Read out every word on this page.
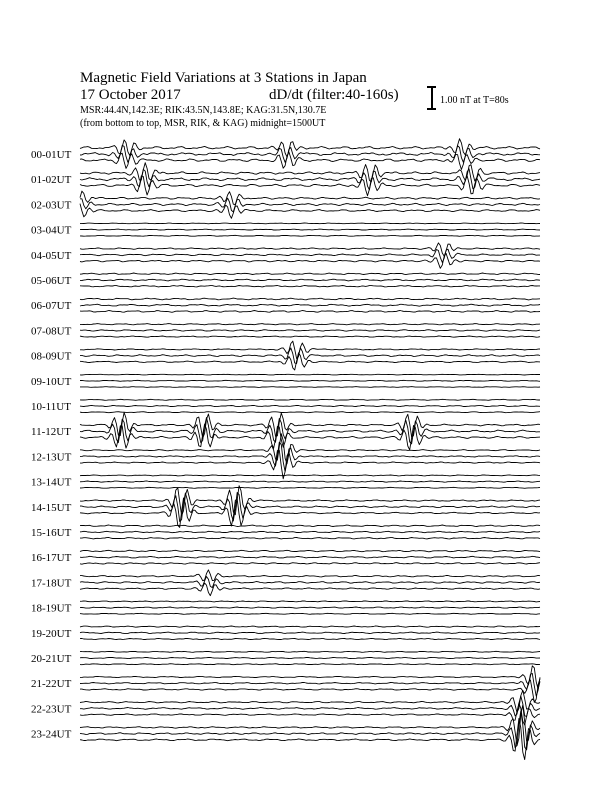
Magnetic Field Variations at 3 Stations in Japan
17 October 2017	dD/dt (filter:40-160s)
MSR:44.4N,142.3E; RIK:43.5N,143.8E; KAG:31.5N,130.7E
(from bottom to top, MSR, RIK, & KAG) midnight=1500UT
1.00 nT at T=80s
00-01UT
01-02UT
02-03UT
03-04UT
04-05UT
05-06UT
06-07UT
07-08UT
08-09UT
09-10UT
10-11UT
11-12UT
12-13UT
13-14UT
14-15UT
15-16UT
16-17UT
17-18UT
18-19UT
19-20UT
20-21UT
21-22UT
22-23UT
23-24UT
